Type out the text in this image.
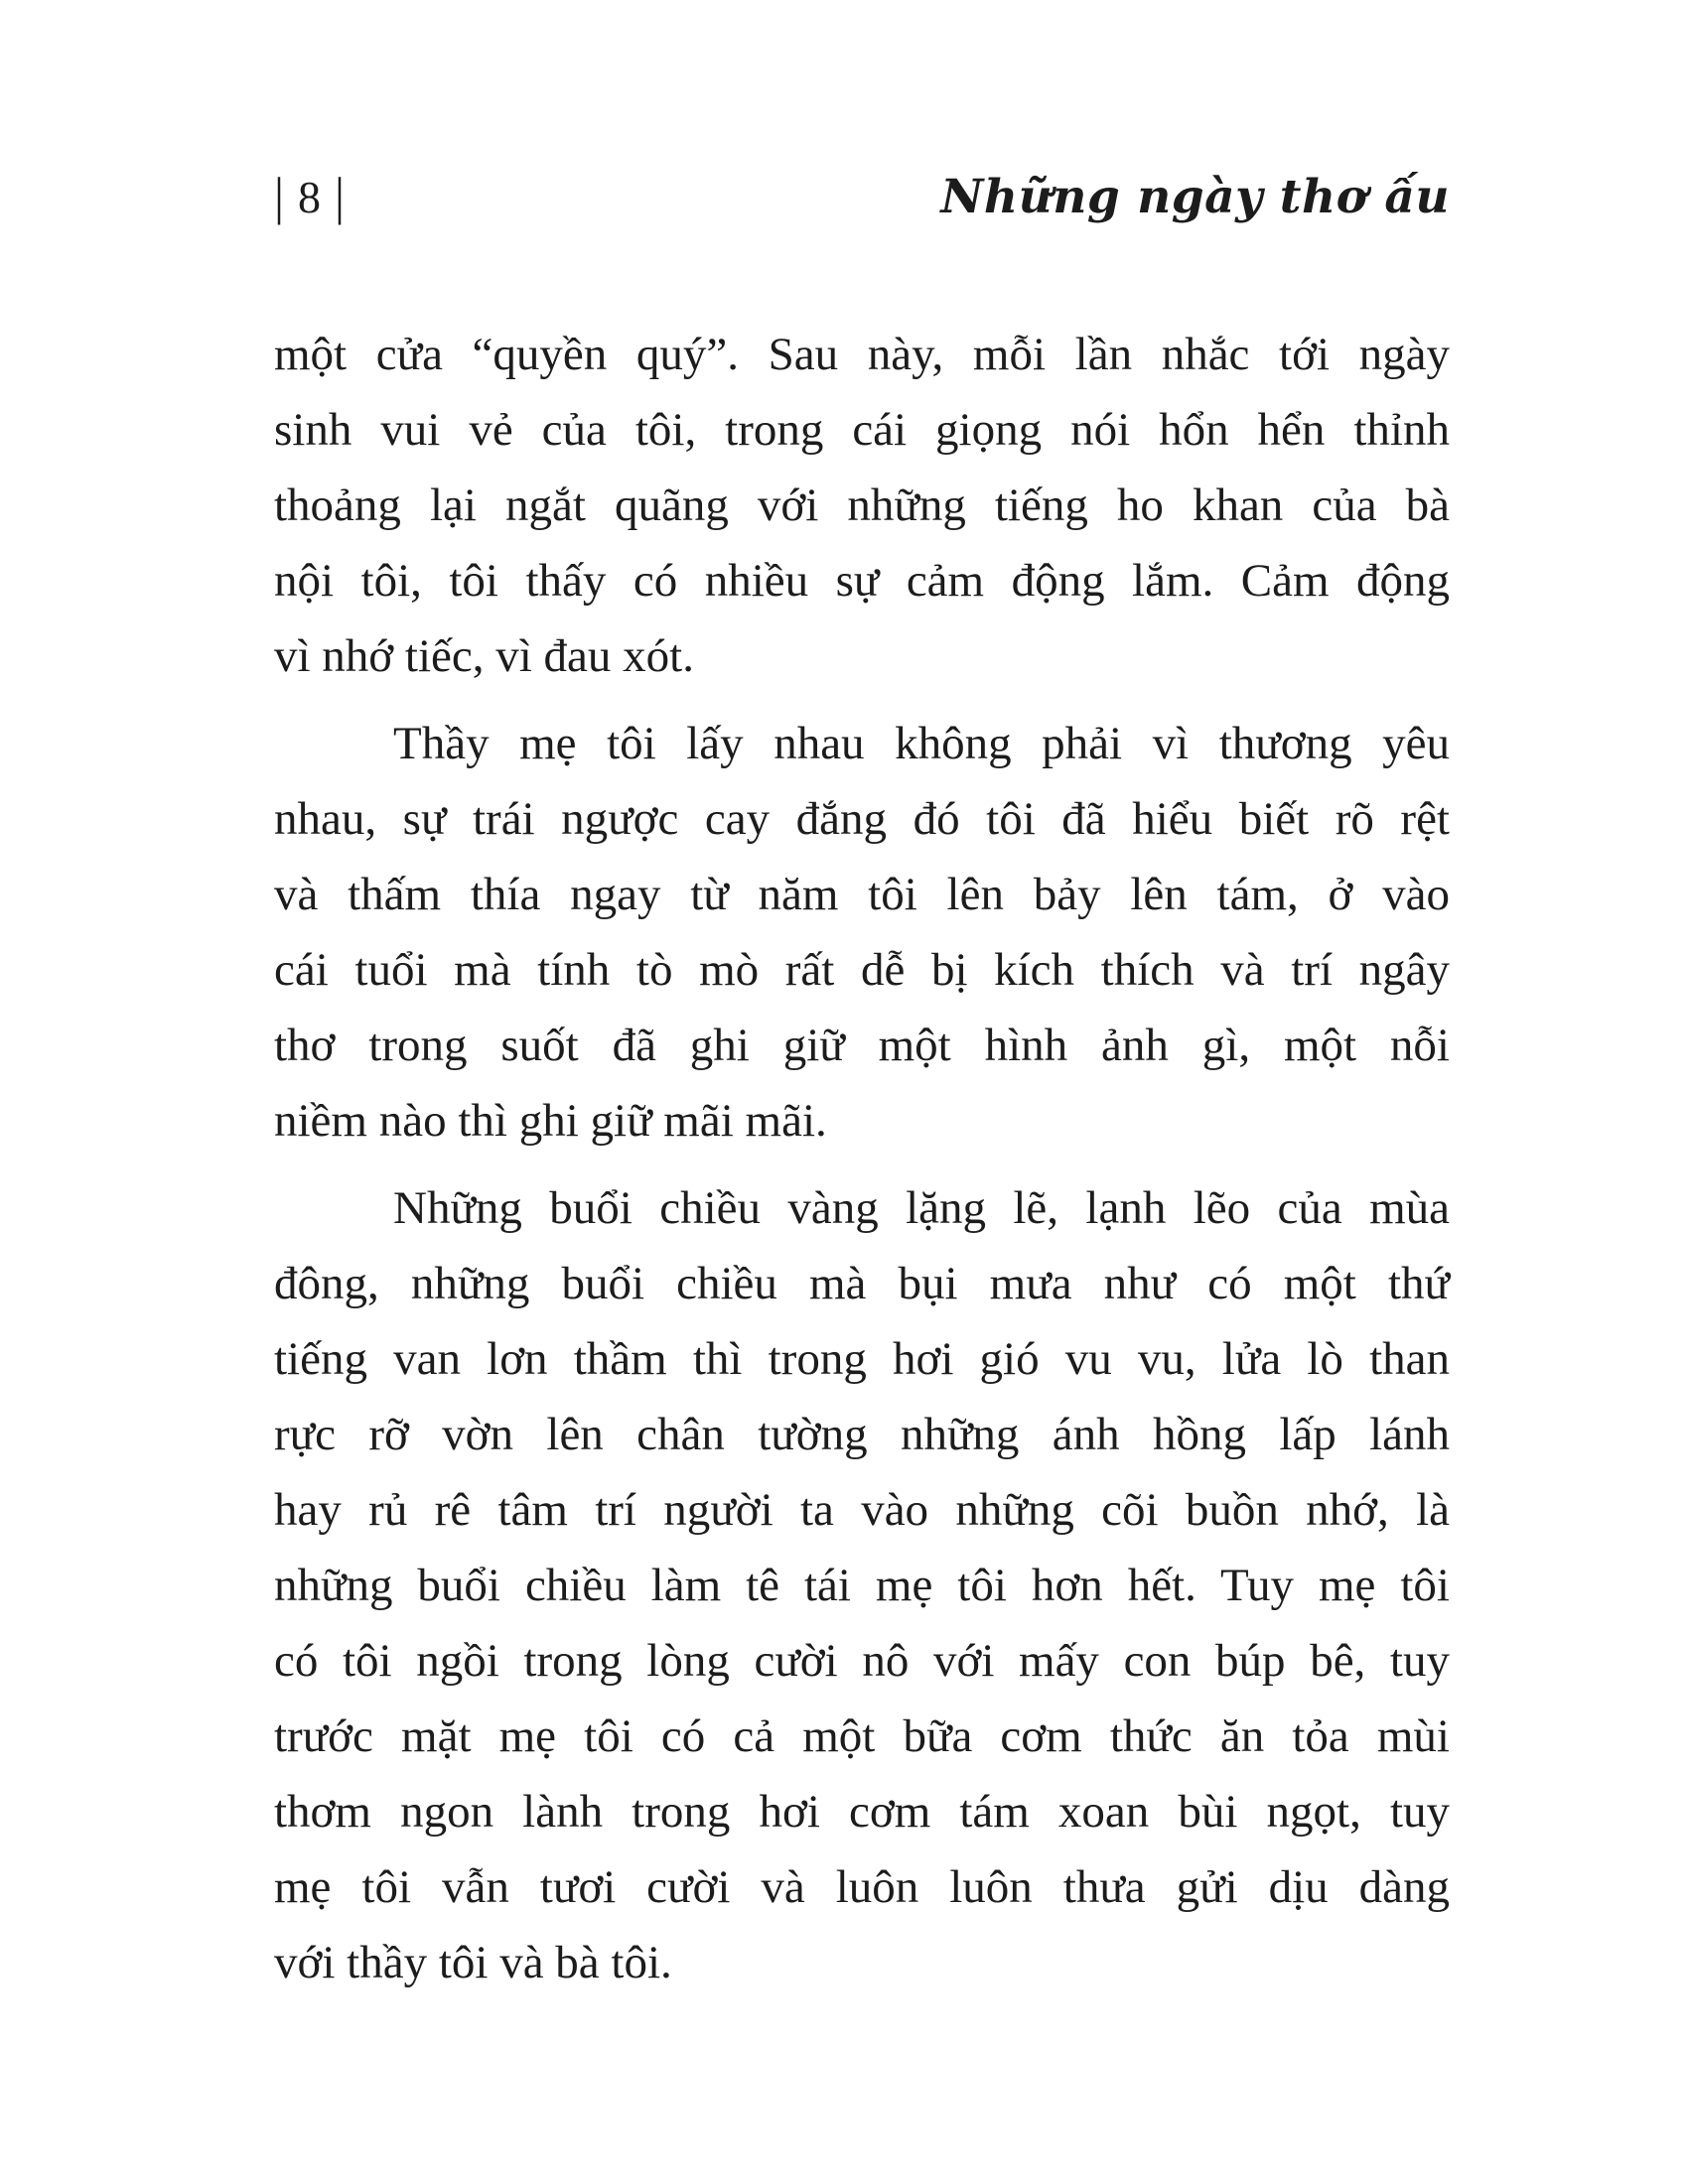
| 8 |	Những ngày thơ ấu
một cửa “quyền quý”. Sau này, mỗi lần nhắc tới ngày
sinh vui vẻ của tôi, trong cái giọng nói hổn hển thỉnh
thoảng lại ngắt quãng với những tiếng ho khan của bà
nội tôi, tôi thấy có nhiều sự cảm động lắm. Cảm động
vì nhớ tiếc, vì đau xót.
Thầy mẹ tôi lấy nhau không phải vì thương yêu
nhau, sự trái ngược cay đắng đó tôi đã hiểu biết rõ rệt
và thấm thía ngay từ năm tôi lên bảy lên tám, ở vào
cái tuổi mà tính tò mò rất dễ bị kích thích và trí ngây
thơ trong suốt đã ghi giữ một hình ảnh gì, một nỗi
niềm nào thì ghi giữ mãi mãi.
Những buổi chiều vàng lặng lẽ, lạnh lẽo của mùa
đông, những buổi chiều mà bụi mưa như có một thứ
tiếng van lơn thầm thì trong hơi gió vu vu, lửa lò than
rực rỡ vờn lên chân tường những ánh hồng lấp lánh
hay rủ rê tâm trí người ta vào những cõi buồn nhớ, là
những buổi chiều làm tê tái mẹ tôi hơn hết. Tuy mẹ tôi
có tôi ngồi trong lòng cười nô với mấy con búp bê, tuy
trước mặt mẹ tôi có cả một bữa cơm thức ăn tỏa mùi
thơm ngon lành trong hơi cơm tám xoan bùi ngọt, tuy
mẹ tôi vẫn tươi cười và luôn luôn thưa gửi dịu dàng
với thầy tôi và bà tôi.
